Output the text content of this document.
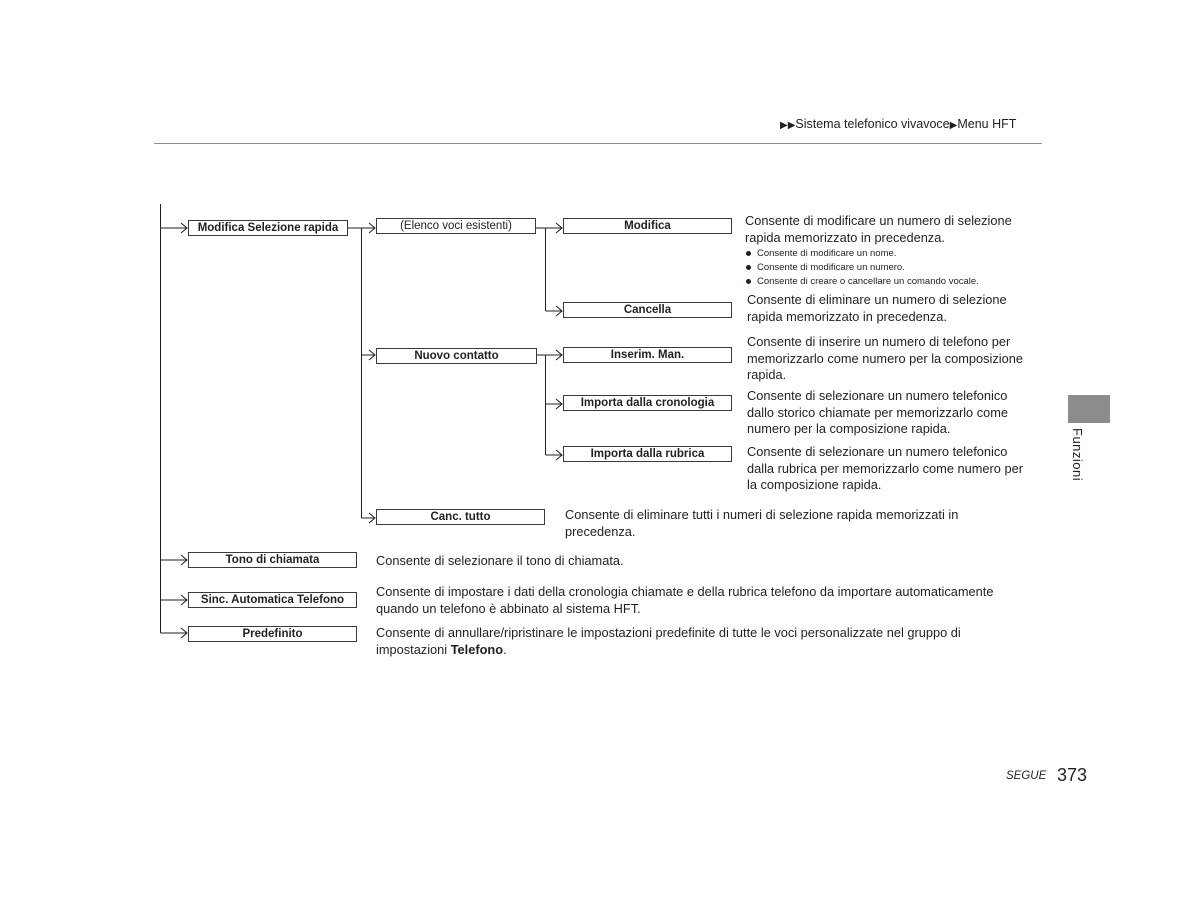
▶▶Sistema telefonico vivavoce▶Menu HFT
Modifica Selezione rapida
Tono di chiamata
Sinc. Automatica Telefono
Predefinito
(Elenco voci esistenti)
Nuovo contatto
Canc. tutto
Modifica
Cancella
Inserim. Man.
Importa dalla cronologia
Importa dalla rubrica
Consente di modificare un numero di selezione rapida memorizzato in precedenza.
Consente di modificare un nome.
Consente di modificare un numero.
Consente di creare o cancellare un comando vocale.
Consente di eliminare un numero di selezione rapida memorizzato in precedenza.
Consente di inserire un numero di telefono per memorizzarlo come numero per la composizione rapida.
Consente di selezionare un numero telefonico dallo storico chiamate per memorizzarlo come numero per la composizione rapida.
Consente di selezionare un numero telefonico dalla rubrica per memorizzarlo come numero per la composizione rapida.
Consente di eliminare tutti i numeri di selezione rapida memorizzati in precedenza.
Consente di selezionare il tono di chiamata.
Consente di impostare i dati della cronologia chiamate e della rubrica telefono da importare automaticamente quando un telefono è abbinato al sistema HFT.
Consente di annullare/ripristinare le impostazioni predefinite di tutte le voci personalizzate nel gruppo di impostazioni Telefono.
Funzioni
SEGUE 373
